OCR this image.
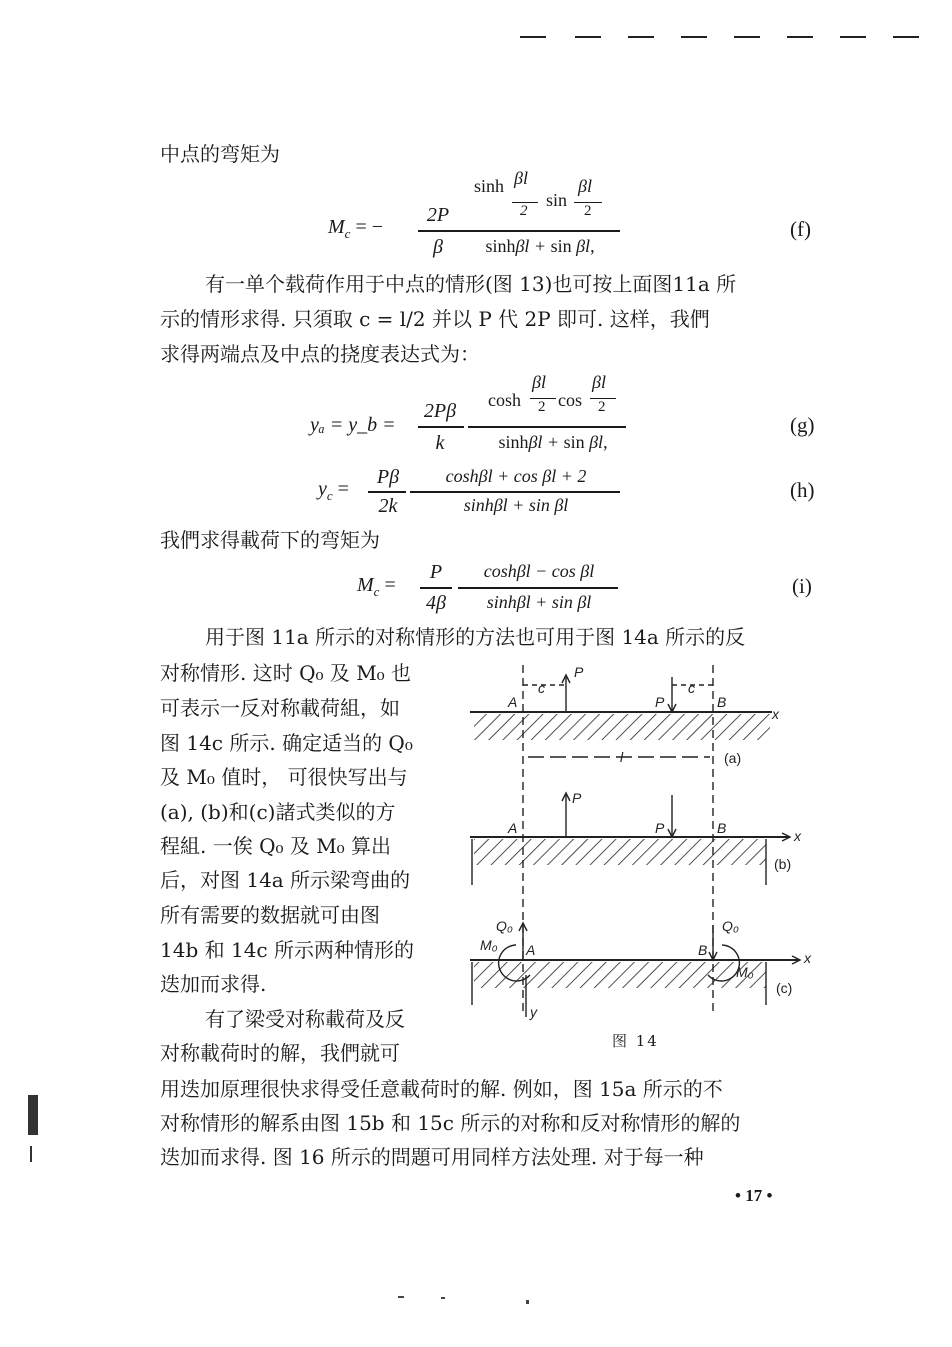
中点的弯矩为
$M_c$ = −
2P
β
sinh βl
2
sin
βl
2
sinhβl + sin βl,
(f)
有一单个载荷作用于中点的情形(图 13)也可按上面图11a 所
示的情形求得. 只須取 c = l/2 并以 P 代 2P 即可. 这样，我們
求得两端点及中点的挠度表达式为：
yₐ = y_b =
2Pβ
k
cosh
βl
2 cos
βl
2
sinhβl + sin βl,
(g)
$y_c$ =
Pβ
2k
coshβl + cos βl + 2
sinhβl + sin βl
(h)
我們求得載荷下的弯矩为
$M_c$ =
P
4β
coshβl − cos βl
sinhβl + sin βl
(i)
用于图 11a 所示的对称情形的方法也可用于图 14a 所示的反
对称情形. 这时 Q₀ 及 M₀ 也
可表示一反对称載荷組，如
图 14c 所示. 确定适当的 Q₀
及 M₀ 值时， 可很快写出与
(a), (b)和(c)諸式类似的方
程組. 一俟 Q₀ 及 M₀ 算出
后，对图 14a 所示梁弯曲的
所有需要的数据就可由图
14b 和 14c 所示两种情形的
迭加而求得.
有了梁受对称載荷及反
对称載荷时的解，我們就可
用迭加原理很快求得受任意載荷时的解. 例如，图 15a 所示的不
对称情形的解系由图 15b 和 15c 所示的对称和反对称情形的解的
迭加而求得. 图 16 所示的問題可用同样方法处理. 对于每一种
A
c
P
P
c
B
x
l	(a)
A
P
P	B	x
(b)
Q₀
M₀ A	B
Q₀
M₀
x
y
(c)
图 14
• 17 •
